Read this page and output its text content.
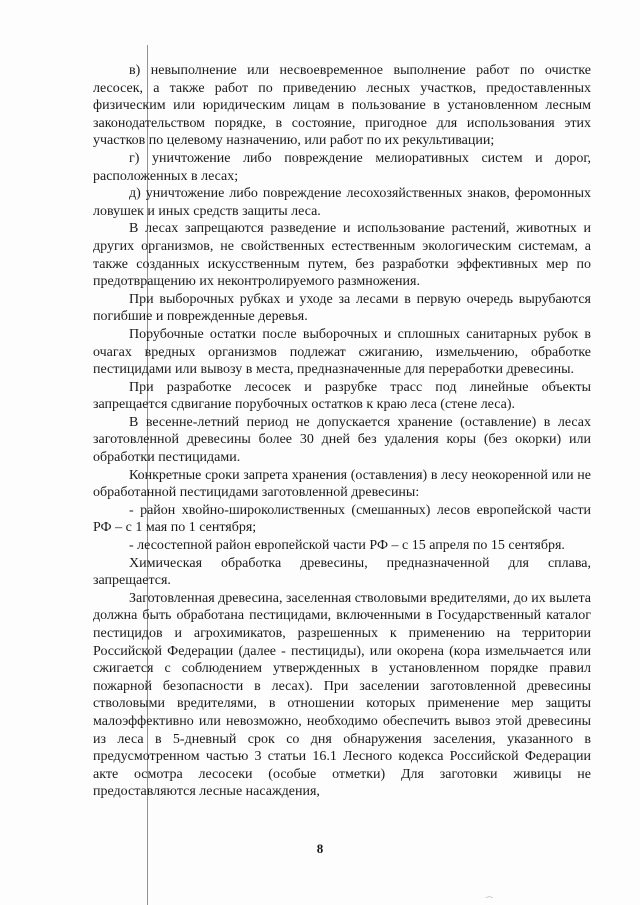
в) невыполнение или несвоевременное выполнение работ по очистке лесосек, а также работ по приведению лесных участков, предоставленных физическим или юридическим лицам в пользование в установленном лесным законодательством порядке, в состояние, пригодное для использования этих участков по целевому назначению, или работ по их рекультивации;

г) уничтожение либо повреждение мелиоративных систем и дорог, расположенных в лесах;

д) уничтожение либо повреждение лесохозяйственных знаков, феромонных ловушек и иных средств защиты леса.

В лесах запрещаются разведение и использование растений, животных и других организмов, не свойственных естественным экологическим системам, а также созданных искусственным путем, без разработки эффективных мер по предотвращению их неконтролируемого размножения.

При выборочных рубках и уходе за лесами в первую очередь вырубаются погибшие и поврежденные деревья.

Порубочные остатки после выборочных и сплошных санитарных рубок в очагах вредных организмов подлежат сжиганию, измельчению, обработке пестицидами или вывозу в места, предназначенные для переработки древесины.

При разработке лесосек и разрубке трасс под линейные объекты запрещается сдвигание порубочных остатков к краю леса (стене леса).

В весенне-летний период не допускается хранение (оставление) в лесах заготовленной древесины более 30 дней без удаления коры (без окорки) или обработки пестицидами.

Конкретные сроки запрета хранения (оставления) в лесу неокоренной или не обработанной пестицидами заготовленной древесины:

- район хвойно-широколиственных (смешанных) лесов европейской части РФ – с 1 мая по 1 сентября;

- лесостепной район европейской части РФ – с 15 апреля по 15 сентября.

Химическая обработка древесины, предназначенной для сплава, запрещается.

Заготовленная древесина, заселенная стволовыми вредителями, до их вылета должна быть обработана пестицидами, включенными в Государственный каталог пестицидов и агрохимикатов, разрешенных к применению на территории Российской Федерации (далее - пестициды), или окорена (кора измельчается или сжигается с соблюдением утвержденных в установленном порядке правил пожарной безопасности в лесах). При заселении заготовленной древесины стволовыми вредителями, в отношении которых применение мер защиты малоэффективно или невозможно, необходимо обеспечить вывоз этой древесины из леса в 5-дневный срок со дня обнаружения заселения, указанного в предусмотренном частью 3 статьи 16.1 Лесного кодекса Российской Федерации акте осмотра лесосеки (особые отметки) Для заготовки живицы не предоставляются лесные насаждения,

8
⁔
